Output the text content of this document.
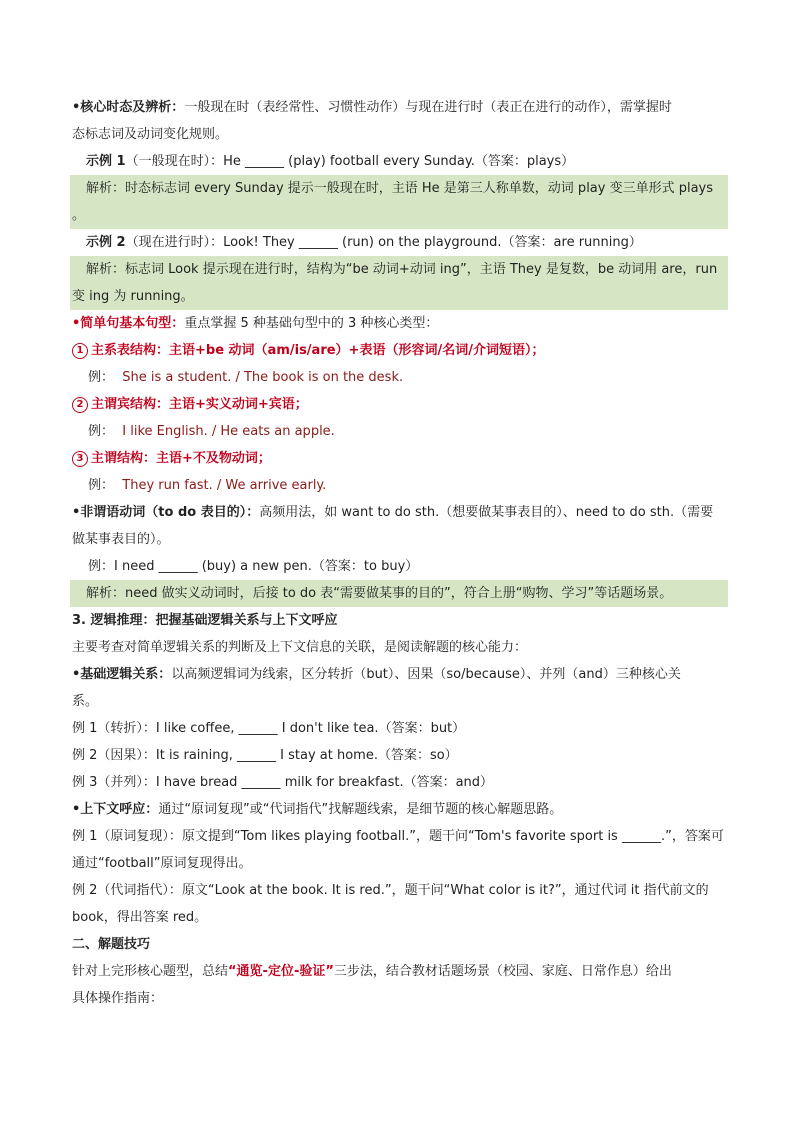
•核心时态及辨析：一般现在时（表经常性、习惯性动作）与现在进行时（表正在进行的动作），需掌握时
态标志词及动词变化规则。
示例 1（一般现在时）：He ______ (play) football every Sunday.（答案：plays）
解析：时态标志词 every Sunday 提示一般现在时，主语 He 是第三人称单数，动词 play 变三单形式 plays
。
示例 2（现在进行时）：Look! They ______ (run) on the playground.（答案：are running）
解析：标志词 Look 提示现在进行时，结构为“be 动词+动词 ing”，主语 They 是复数，be 动词用 are，run
变 ing 为 running。
•简单句基本句型：重点掌握 5 种基础句型中的 3 种核心类型：
1 主系表结构：主语+be 动词（am/is/are）+表语（形容词/名词/介词短语）；
例： She is a student. / The book is on the desk.
2 主谓宾结构：主语+实义动词+宾语；
例： I like English. / He eats an apple.
3 主谓结构：主语+不及物动词；
例： They run fast. / We arrive early.
•非谓语动词（to do 表目的）：高频用法，如 want to do sth.（想要做某事表目的）、need to do sth.（需要
做某事表目的）。
例：I need ______ (buy) a new pen.（答案：to buy）
解析：need 做实义动词时，后接 to do 表“需要做某事的目的”，符合上册“购物、学习”等话题场景。
3. 逻辑推理：把握基础逻辑关系与上下文呼应
主要考查对简单逻辑关系的判断及上下文信息的关联，是阅读解题的核心能力：
•基础逻辑关系：以高频逻辑词为线索，区分转折（but）、因果（so/because）、并列（and）三种核心关
系。
例 1（转折）：I like coffee, ______ I don't like tea.（答案：but）
例 2（因果）：It is raining, ______ I stay at home.（答案：so）
例 3（并列）：I have bread ______ milk for breakfast.（答案：and）
•上下文呼应：通过“原词复现”或“代词指代”找解题线索，是细节题的核心解题思路。
例 1（原词复现）：原文提到“Tom likes playing football.”，题干问“Tom's favorite sport is ______.”，答案可
通过“football”原词复现得出。
例 2（代词指代）：原文“Look at the book. It is red.”，题干问“What color is it?”，通过代词 it 指代前文的
book，得出答案 red。
二、解题技巧
针对上完形核心题型，总结“通览-定位-验证”三步法，结合教材话题场景（校园、家庭、日常作息）给出
具体操作指南：
